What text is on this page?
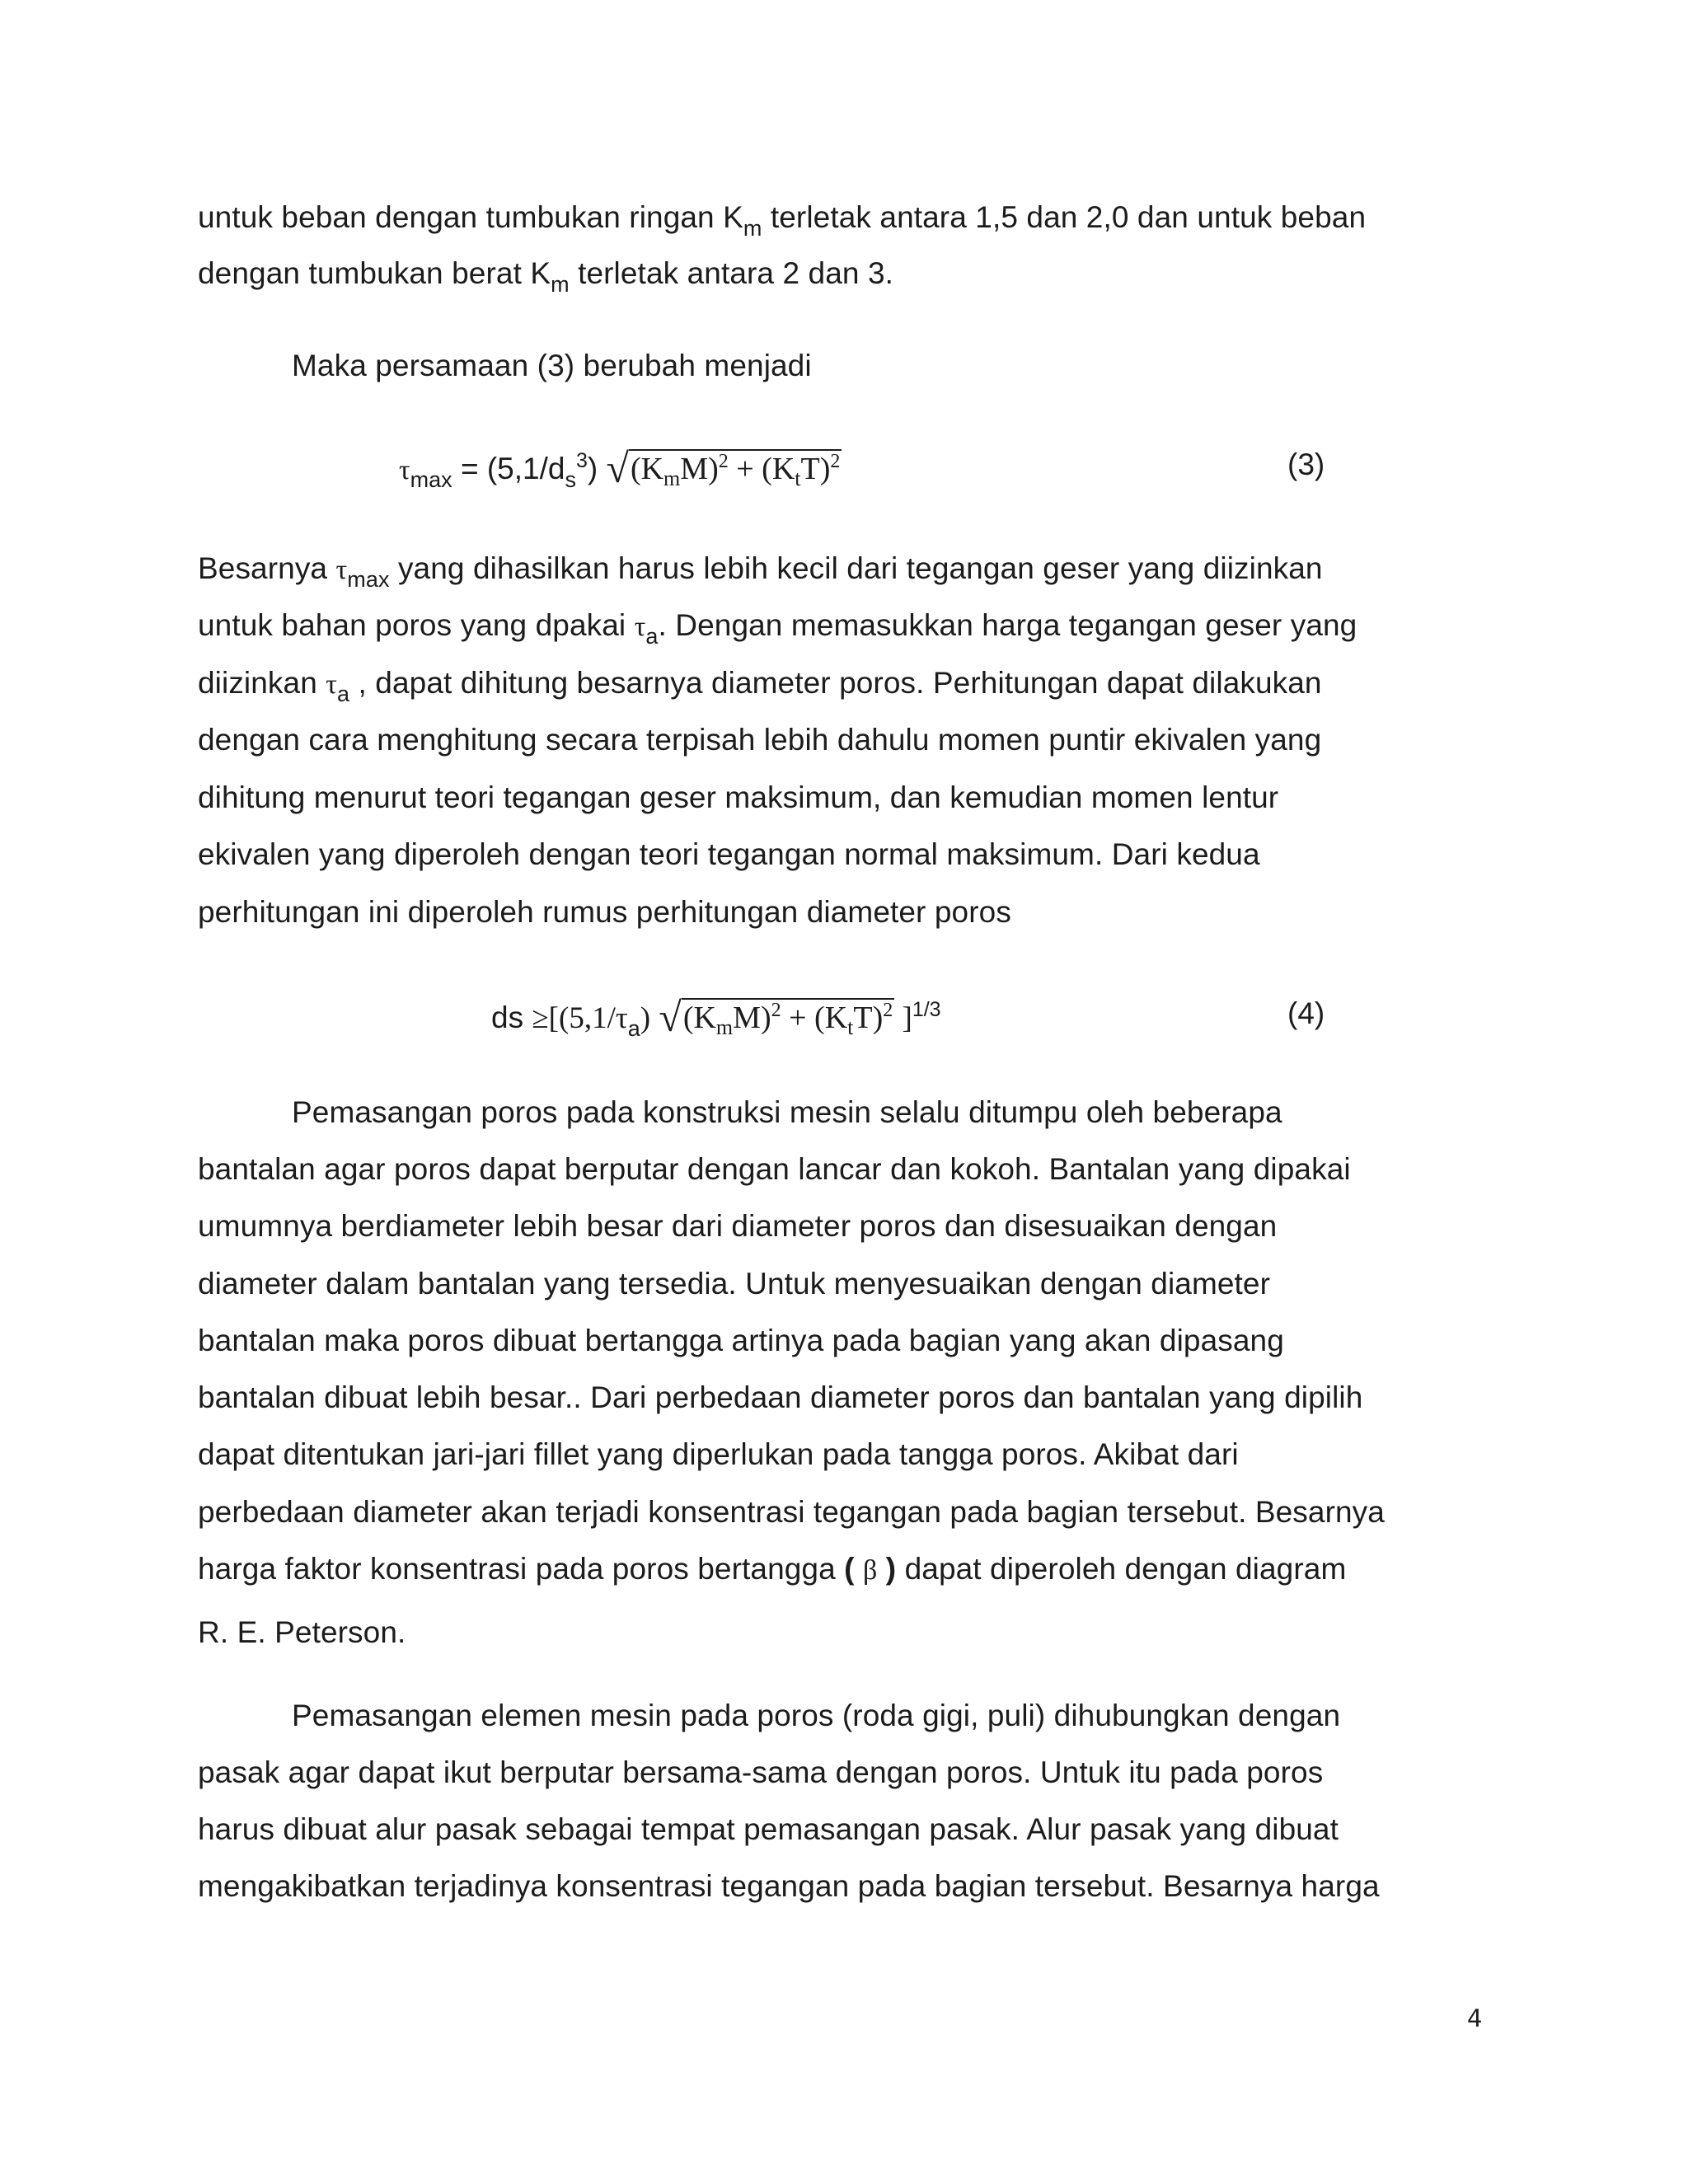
untuk beban dengan tumbukan ringan $K_m$ terletak antara 1,5 dan 2,0 dan untuk beban
dengan tumbukan berat $K_m$ terletak antara 2 dan 3.
Maka persamaan (3) berubah menjadi
$\tau_{max} = (5,1/d_s^3) √(K_mM)^2 + (K_tT)^2$	(3)
Besarnya $\tau_{max}$ yang dihasilkan harus lebih kecil dari tegangan geser yang diizinkan
untuk bahan poros yang dpakai $\tau_a$. Dengan memasukkan harga tegangan geser yang
diizinkan $\tau_a$ , dapat dihitung besarnya diameter poros. Perhitungan dapat dilakukan
dengan cara menghitung secara terpisah lebih dahulu momen puntir ekivalen yang
dihitung menurut teori tegangan geser maksimum, dan kemudian momen lentur
ekivalen yang diperoleh dengan teori tegangan normal maksimum. Dari kedua
perhitungan ini diperoleh rumus perhitungan diameter poros
ds $\ge[(5,1/\tau_a) √(K_mM)^2 + (K_tT)^2$ ]$^{1/3}$	(4)
Pemasangan poros pada konstruksi mesin selalu ditumpu oleh beberapa
bantalan agar poros dapat berputar dengan lancar dan kokoh. Bantalan yang dipakai
umumnya berdiameter lebih besar dari diameter poros dan disesuaikan dengan
diameter dalam bantalan yang tersedia. Untuk menyesuaikan dengan diameter
bantalan maka poros dibuat bertangga artinya pada bagian yang akan dipasang
bantalan dibuat lebih besar.. Dari perbedaan diameter poros dan bantalan yang dipilih
dapat ditentukan jari-jari fillet yang diperlukan pada tangga poros. Akibat dari
perbedaan diameter akan terjadi konsentrasi tegangan pada bagian tersebut. Besarnya
harga faktor konsentrasi pada poros bertangga ( β ) dapat diperoleh dengan diagram
R. E. Peterson.
Pemasangan elemen mesin pada poros (roda gigi, puli) dihubungkan dengan
pasak agar dapat ikut berputar bersama-sama dengan poros. Untuk itu pada poros
harus dibuat alur pasak sebagai tempat pemasangan pasak. Alur pasak yang dibuat
mengakibatkan terjadinya konsentrasi tegangan pada bagian tersebut. Besarnya harga
4
